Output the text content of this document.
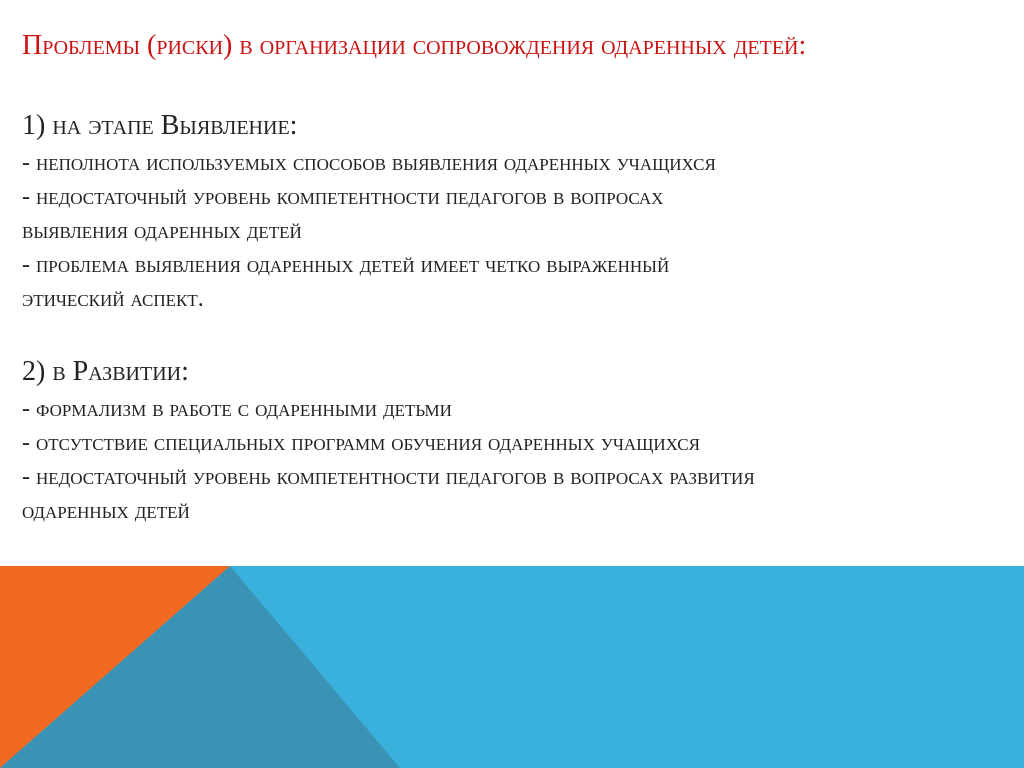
Проблемы (риски) в организации сопровождения одаренных детей:

1) на этапе Выявление:

- неполнота используемых способов выявления одаренных учащихся

- недостаточный уровень компетентности педагогов в вопросах

выявления одаренных детей

- проблема выявления одаренных детей имеет четко выраженный

этический аспект.

2) в Развитии:

- формализм в работе с одаренными детьми

- отсутствие специальных программ обучения одаренных учащихся

- недостаточный уровень компетентности педагогов в вопросах развития

одаренных детей
